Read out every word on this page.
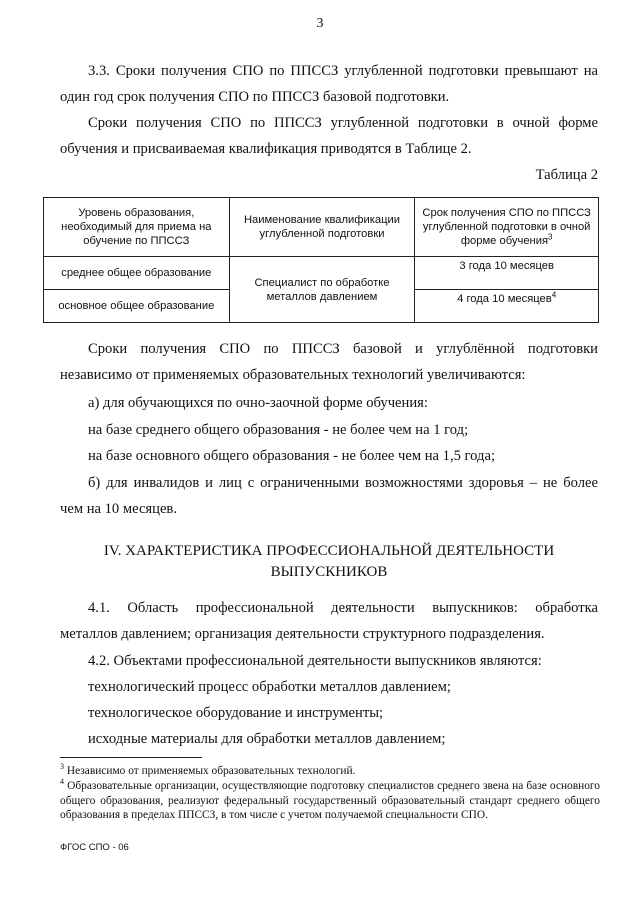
3
3.3. Сроки получения СПО по ППССЗ углубленной подготовки превышают на
один год срок получения СПО по ППССЗ базовой подготовки.
Сроки получения СПО по ППССЗ углубленной подготовки в очной форме
обучения и присваиваемая квалификация приводятся в Таблице 2.
Таблица 2
Уровень образования, необходимый для приема на обучение по ППССЗ	Наименование квалификации углубленной подготовки	Срок получения СПО по ППССЗ углубленной подготовки в очной форме обучения$^3$
среднее общее образование	Специалист по обработке металлов давлением	3 года 10 месяцев
основное общее образование		4 года 10 месяцев$^4$
Сроки получения СПО по ППССЗ базовой и углублённой подготовки
независимо от применяемых образовательных технологий увеличиваются:
а) для обучающихся по очно-заочной форме обучения:
на базе среднего общего образования - не более чем на 1 год;
на базе основного общего образования - не более чем на 1,5 года;
б) для инвалидов и лиц с ограниченными возможностями здоровья – не более
чем на 10 месяцев.
IV. ХАРАКТЕРИСТИКА ПРОФЕССИОНАЛЬНОЙ ДЕЯТЕЛЬНОСТИ
ВЫПУСКНИКОВ
4.1. Область профессиональной деятельности выпускников: обработка
металлов давлением; организация деятельности структурного подразделения.
4.2. Объектами профессиональной деятельности выпускников являются:
технологический процесс обработки металлов давлением;
технологическое оборудование и инструменты;
исходные материалы для обработки металлов давлением;
$^3$ Независимо от применяемых образовательных технологий.
$^4$ Образовательные организации, осуществляющие подготовку специалистов среднего звена на базе основного общего образования, реализуют федеральный государственный образовательный стандарт среднего общего образования в пределах ППССЗ, в том числе с учетом получаемой специальности СПО.
ФГОС СПО - 06
